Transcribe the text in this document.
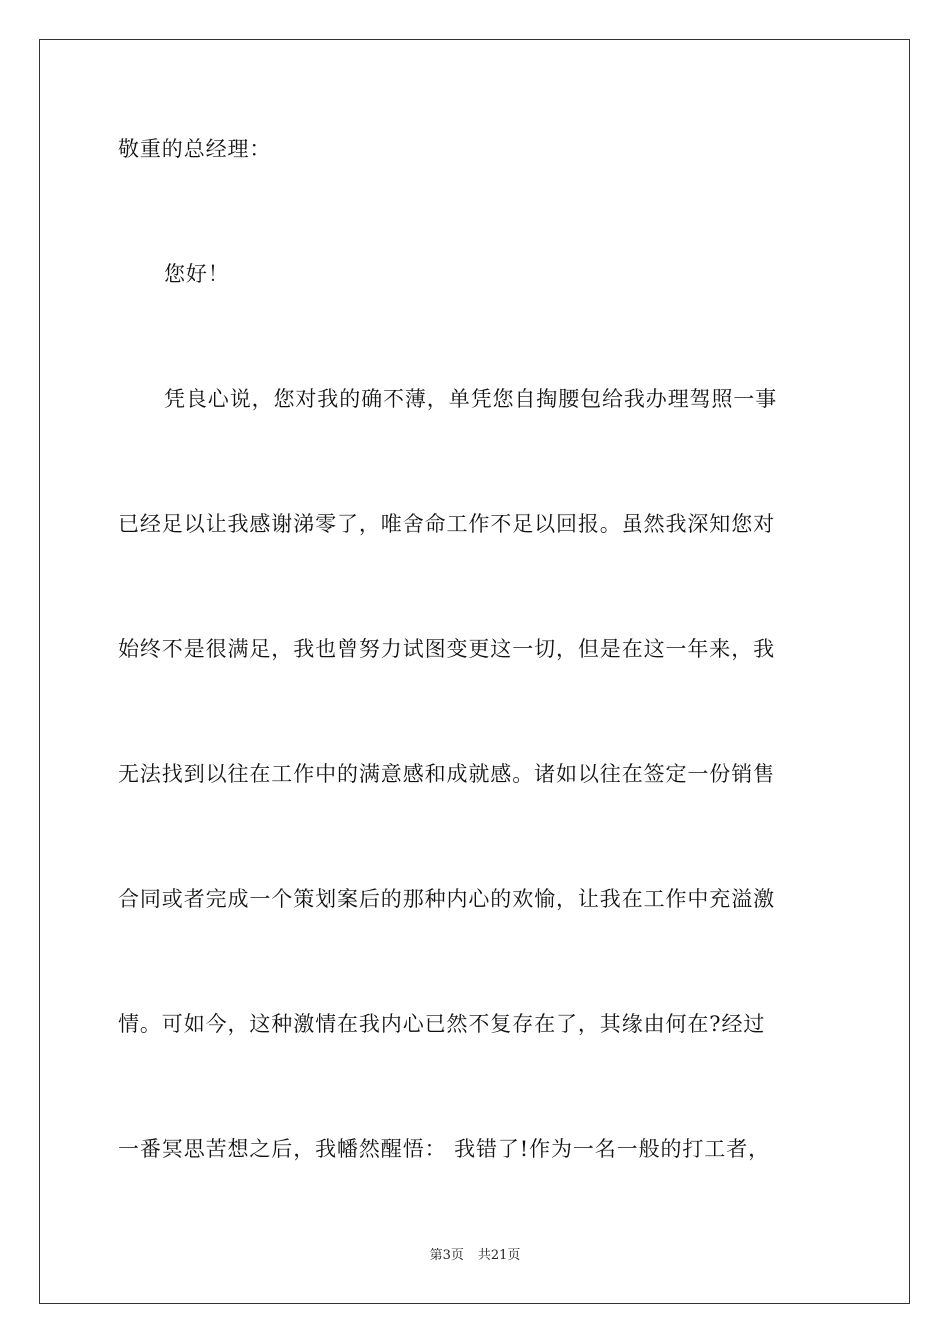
敬重的总经理：
您好！
凭良心说，您对我的确不薄，单凭您自掏腰包给我办理驾照一事
已经足以让我感谢涕零了，唯舍命工作不足以回报。虽然我深知您对
始终不是很满足，我也曾努力试图变更这一切，但是在这一年来，我
无法找到以往在工作中的满意感和成就感。诸如以往在签定一份销售
合同或者完成一个策划案后的那种内心的欢愉，让我在工作中充溢激
情。可如今，这种激情在我内心已然不复存在了，其缘由何在?经过
一番冥思苦想之后，我幡然醒悟： 我错了!作为一名一般的打工者，
第3页 共21页
